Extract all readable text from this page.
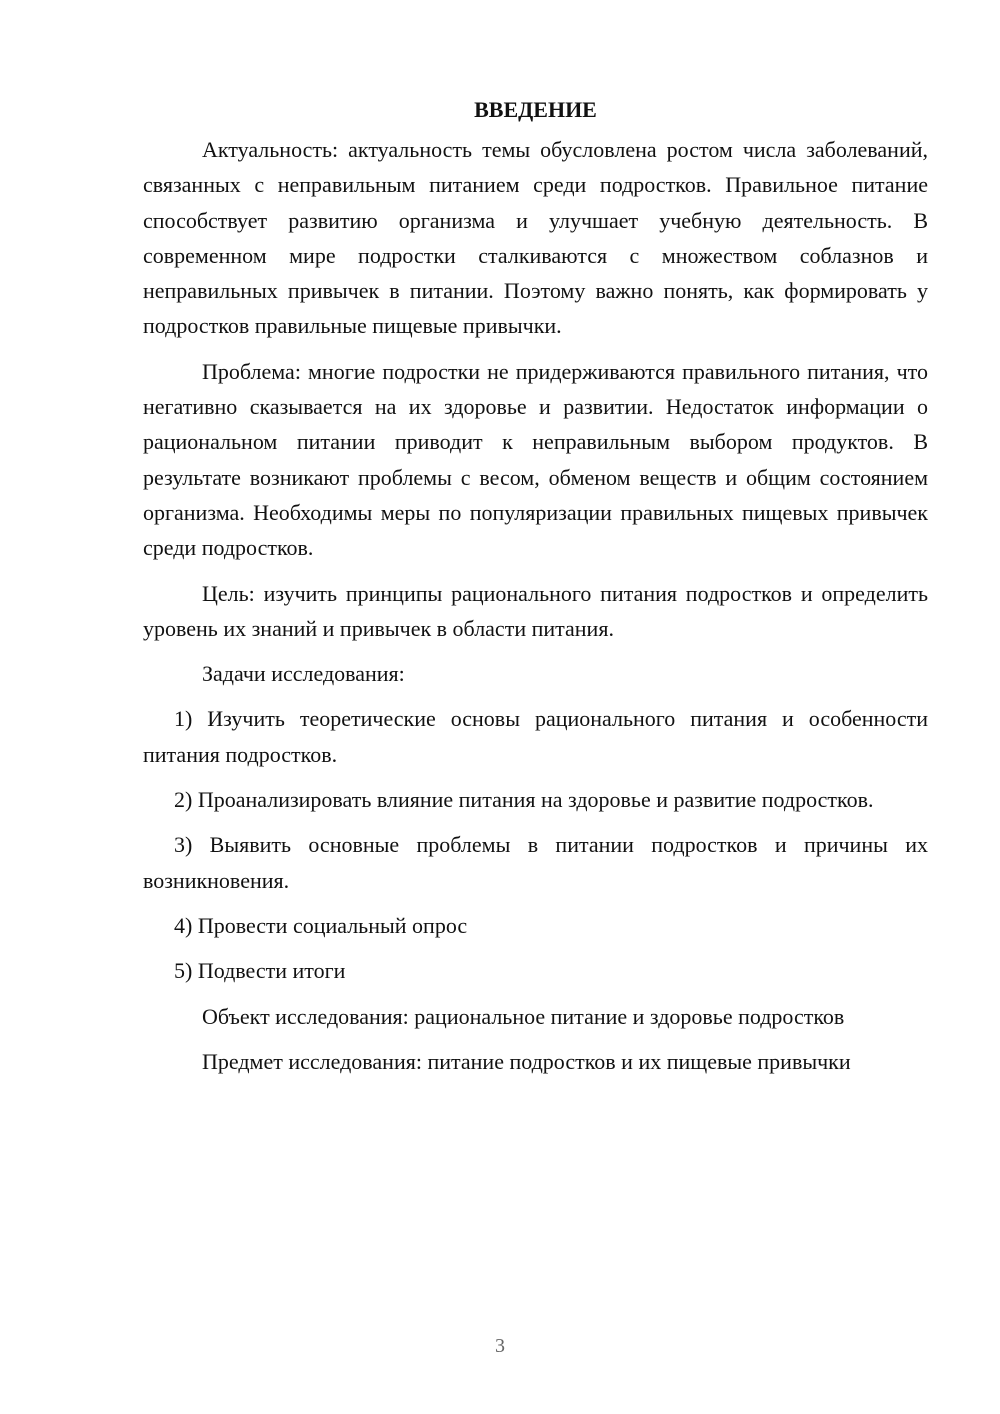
ВВЕДЕНИЕ

Актуальность: актуальность темы обусловлена ростом числа заболеваний, связанных с неправильным питанием среди подростков. Правильное питание способствует развитию организма и улучшает учебную деятельность. В современном мире подростки сталкиваются с множеством соблазнов и неправильных привычек в питании. Поэтому важно понять, как формировать у подростков правильные пищевые привычки.

Проблема: многие подростки не придерживаются правильного питания, что негативно сказывается на их здоровье и развитии. Недостаток информации о рациональном питании приводит к неправильным выбором продуктов. В результате возникают проблемы с весом, обменом веществ и общим состоянием организма. Необходимы меры по популяризации правильных пищевых привычек среди подростков.

Цель: изучить принципы рационального питания подростков и определить уровень их знаний и привычек в области питания.

Задачи исследования:

1) Изучить теоретические основы рационального питания и особенности питания подростков.

2) Проанализировать влияние питания на здоровье и развитие подростков.

3) Выявить основные проблемы в питании подростков и причины их возникновения.

4) Провести социальный опрос

5) Подвести итоги

Объект исследования: рациональное питание и здоровье подростков

Предмет исследования: питание подростков и их пищевые привычки

3
